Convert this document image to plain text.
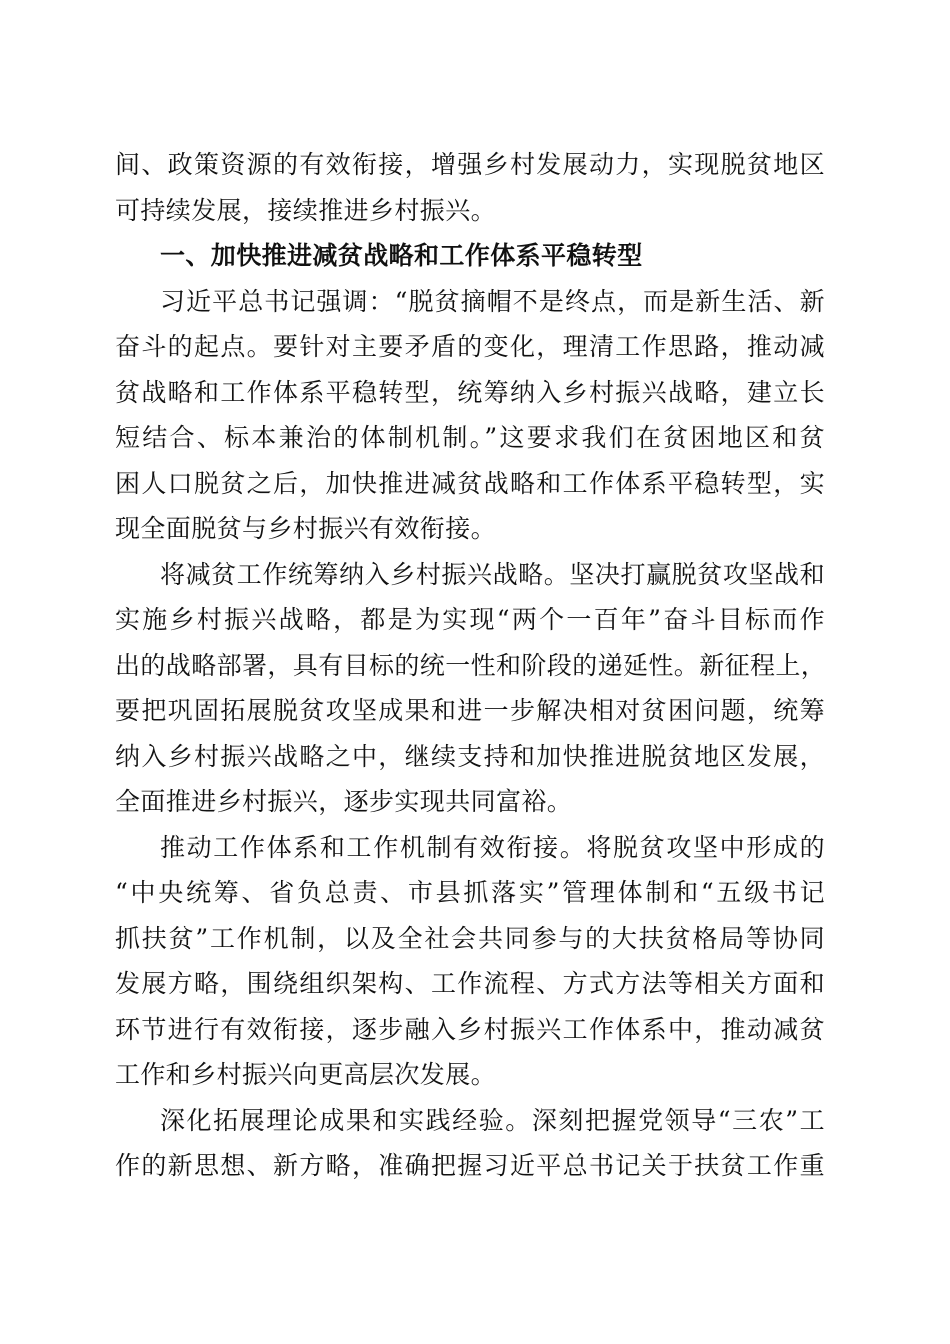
间、政策资源的有效衔接，增强乡村发展动力，实现脱贫地区
可持续发展，接续推进乡村振兴。
一、加快推进减贫战略和工作体系平稳转型
习近平总书记强调：“脱贫摘帽不是终点，而是新生活、新
奋斗的起点。要针对主要矛盾的变化，理清工作思路，推动减
贫战略和工作体系平稳转型，统筹纳入乡村振兴战略，建立长
短结合、标本兼治的体制机制。”这要求我们在贫困地区和贫
困人口脱贫之后，加快推进减贫战略和工作体系平稳转型，实
现全面脱贫与乡村振兴有效衔接。
将减贫工作统筹纳入乡村振兴战略。坚决打赢脱贫攻坚战和
实施乡村振兴战略，都是为实现“两个一百年”奋斗目标而作
出的战略部署，具有目标的统一性和阶段的递延性。新征程上，
要把巩固拓展脱贫攻坚成果和进一步解决相对贫困问题，统筹
纳入乡村振兴战略之中，继续支持和加快推进脱贫地区发展，
全面推进乡村振兴，逐步实现共同富裕。
推动工作体系和工作机制有效衔接。将脱贫攻坚中形成的
“中央统筹、省负总责、市县抓落实”管理体制和“五级书记
抓扶贫”工作机制，以及全社会共同参与的大扶贫格局等协同
发展方略，围绕组织架构、工作流程、方式方法等相关方面和
环节进行有效衔接，逐步融入乡村振兴工作体系中，推动减贫
工作和乡村振兴向更高层次发展。
深化拓展理论成果和实践经验。深刻把握党领导“三农”工
作的新思想、新方略，准确把握习近平总书记关于扶贫工作重
